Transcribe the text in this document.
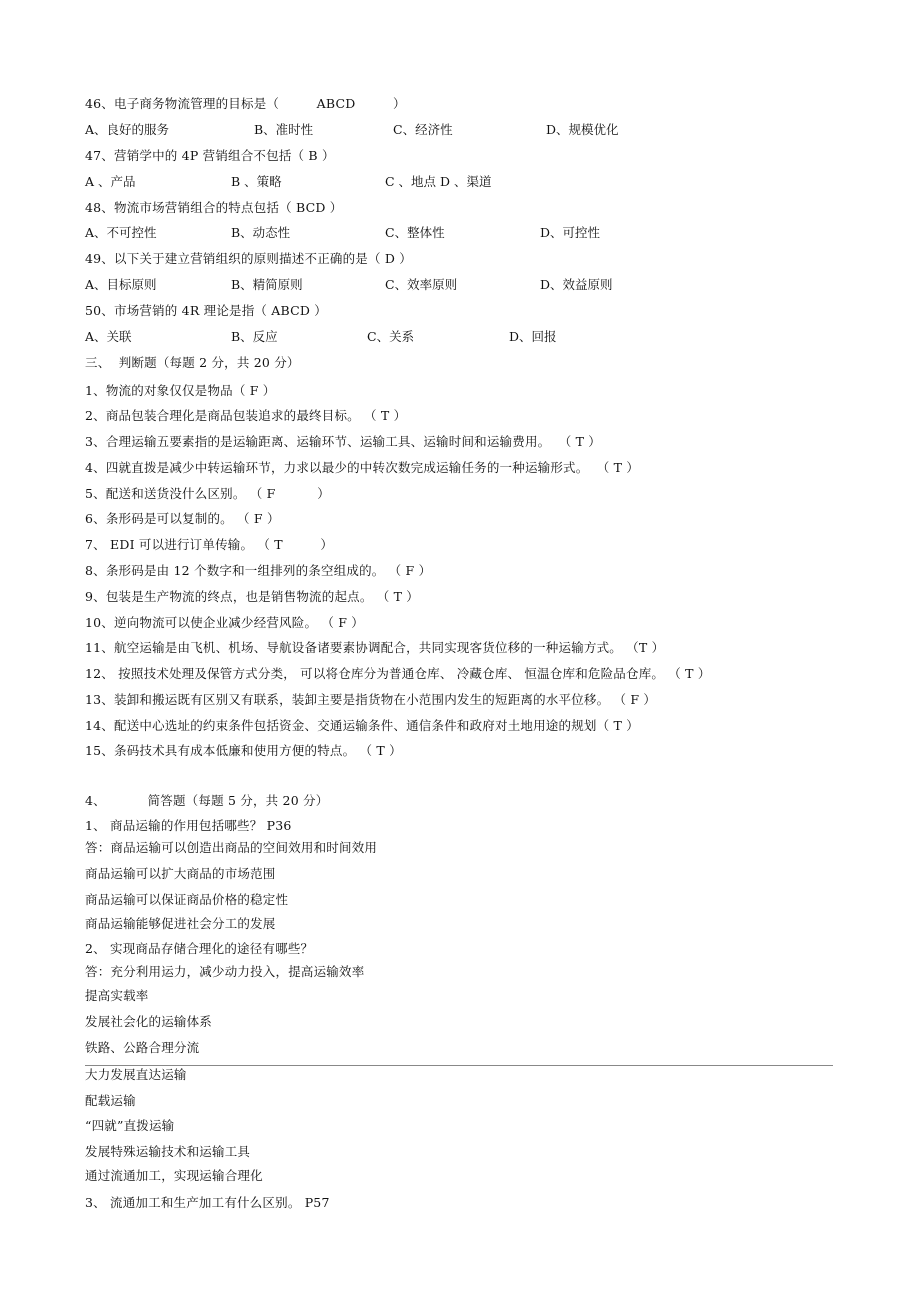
46、电子商务物流管理的目标是（         ABCD         ）
A、良好的服务	B、准时性	C、经济性	D、规模优化
47、营销学中的 4P 营销组合不包括（ B ）
A 、产品	B 、策略	C 、地点 D 、渠道
48、物流市场营销组合的特点包括（ BCD ）
A、不可控性	B、动态性	C、整体性	D、可控性
49、以下关于建立营销组织的原则描述不正确的是（ D ）
A、目标原则	B、精简原则	C、效率原则	D、效益原则
50、市场营销的 4R 理论是指（ ABCD ）
A、关联	B、反应	C、关系	D、回报
三、  判断题（每题 2 分，共 20 分）
1、物流的对象仅仅是物品（ F ）
2、商品包装合理化是商品包装追求的最终目标。 （ T ）
3、合理运输五要素指的是运输距离、运输环节、运输工具、运输时间和运输费用。  （ T ）
4、四就直拨是减少中转运输环节，力求以最少的中转次数完成运输任务的一种运输形式。  （ T ）
5、配送和送货没什么区别。 （ F          ）
6、条形码是可以复制的。 （ F ）
7、 EDI 可以进行订单传输。 （ T         ）
8、条形码是由 12 个数字和一组排列的条空组成的。 （ F ）
9、包装是生产物流的终点，也是销售物流的起点。 （ T ）
10、逆向物流可以使企业减少经营风险。 （ F ）
11、航空运输是由飞机、机场、导航设备诸要素协调配合，共同实现客货位移的一种运输方式。 （T ）
12、 按照技术处理及保管方式分类， 可以将仓库分为普通仓库、 冷藏仓库、 恒温仓库和危险品仓库。 （ T ）
13、装卸和搬运既有区别又有联系，装卸主要是指货物在小范围内发生的短距离的水平位移。 （ F ）
14、配送中心选址的约束条件包括资金、交通运输条件、通信条件和政府对土地用途的规划（ T ）
15、条码技术具有成本低廉和使用方便的特点。 （ T ）
4、          简答题（每题 5 分，共 20 分）
1、 商品运输的作用包括哪些？ P36
答：商品运输可以创造出商品的空间效用和时间效用
商品运输可以扩大商品的市场范围
商品运输可以保证商品价格的稳定性
商品运输能够促进社会分工的发展
2、 实现商品存储合理化的途径有哪些？
答：充分利用运力，减少动力投入，提高运输效率
提高实载率
发展社会化的运输体系
铁路、公路合理分流
大力发展直达运输
配载运输
“四就”直拨运输
发展特殊运输技术和运输工具
通过流通加工，实现运输合理化
3、 流通加工和生产加工有什么区别。 P57
